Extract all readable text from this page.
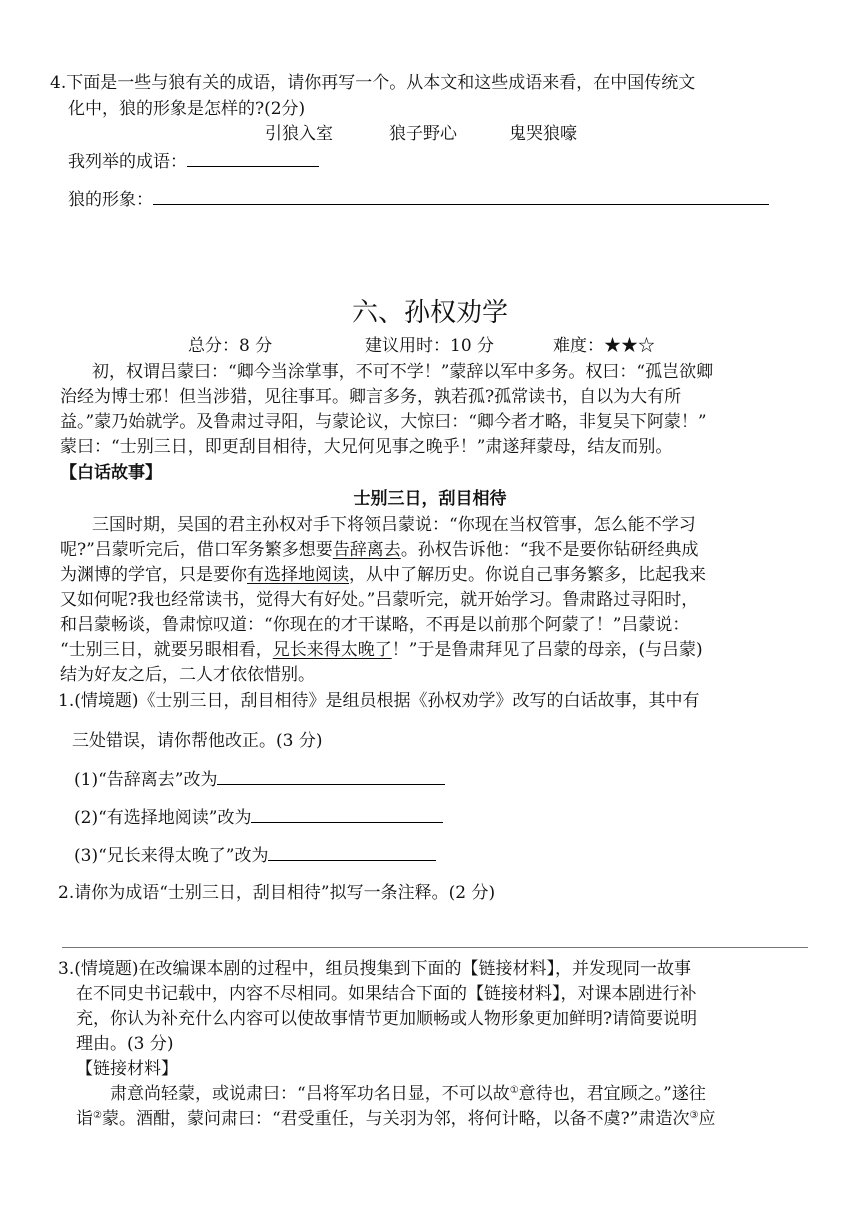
4.下面是一些与狼有关的成语，请你再写一个。从本文和这些成语来看，在中国传统文
化中，狼的形象是怎样的?(2分)
引狼入室	狼子野心	鬼哭狼嚎
我列举的成语：
狼的形象：
六、孙权劝学
总分：8 分	建议用时：10 分	难度：★★☆
初，权谓吕蒙曰：“卿今当涂掌事，不可不学！”蒙辞以军中多务。权曰：“孤岂欲卿
治经为博士邪！但当涉猎，见往事耳。卿言多务，孰若孤?孤常读书，自以为大有所
益。”蒙乃始就学。及鲁肃过寻阳，与蒙论议，大惊曰：“卿今者才略，非复吴下阿蒙！”
蒙曰：“士别三日，即更刮目相待，大兄何见事之晚乎！”肃遂拜蒙母，结友而别。
【白话故事】
士别三日，刮目相待
三国时期，吴国的君主孙权对手下将领吕蒙说：“你现在当权管事，怎么能不学习
呢?”吕蒙听完后，借口军务繁多想要告辞离去。孙权告诉他：“我不是要你钻研经典成
为渊博的学官，只是要你有选择地阅读，从中了解历史。你说自己事务繁多，比起我来
又如何呢?我也经常读书，觉得大有好处。”吕蒙听完，就开始学习。鲁肃路过寻阳时，
和吕蒙畅谈，鲁肃惊叹道：“你现在的才干谋略，不再是以前那个阿蒙了！”吕蒙说：
“士别三日，就要另眼相看，兄长来得太晚了！”于是鲁肃拜见了吕蒙的母亲，(与吕蒙)
结为好友之后，二人才依依惜别。
1.(情境题)《士别三日，刮目相待》是组员根据《孙权劝学》改写的白话故事，其中有
三处错误，请你帮他改正。(3 分)
(1)“告辞离去”改为
(2)“有选择地阅读”改为
(3)“兄长来得太晚了”改为
2.请你为成语“士别三日，刮目相待”拟写一条注释。(2 分)
3.(情境题)在改编课本剧的过程中，组员搜集到下面的【链接材料】，并发现同一故事
在不同史书记载中，内容不尽相同。如果结合下面的【链接材料】，对课本剧进行补
充，你认为补充什么内容可以使故事情节更加顺畅或人物形象更加鲜明?请简要说明
理由。(3 分)
【链接材料】
肃意尚轻蒙，或说肃曰：“吕将军功名日显，不可以故①意待也，君宜顾之。”遂往
诣②蒙。酒酣，蒙问肃曰：“君受重任，与关羽为邻，将何计略，以备不虞?”肃造次③应
